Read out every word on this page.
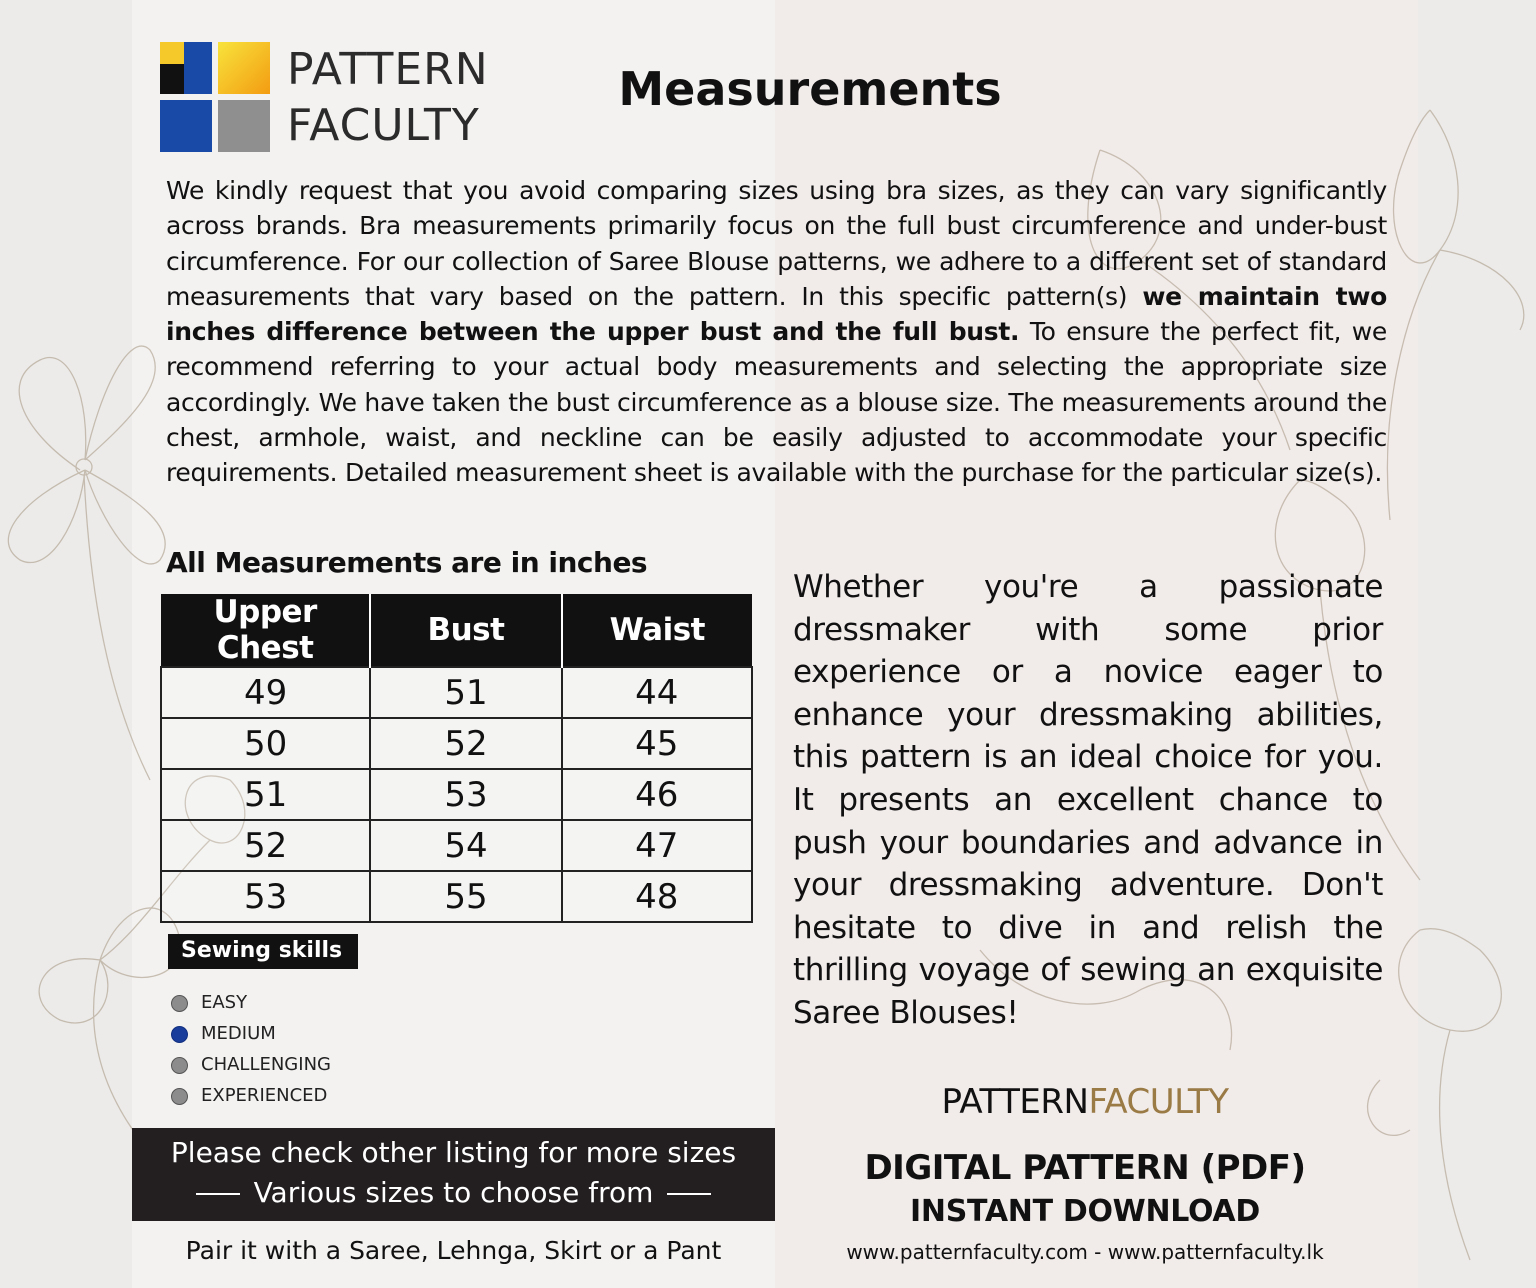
PATTERN
FACULTY
Measurements
We kindly request that you avoid comparing sizes using bra sizes, as they can vary significantly across brands. Bra measurements primarily focus on the full bust circumference and under-bust circumference. For our collection of Saree Blouse patterns, we adhere to a different set of standard measurements that vary based on the pattern. In this specific pattern(s) we maintain two inches difference between the upper bust and the full bust. To ensure the perfect fit, we recommend referring to your actual body measurements and selecting the appropriate size accordingly. We have taken the bust circumference as a blouse size. The measurements around the chest, armhole, waist, and neckline can be easily adjusted to accommodate your specific requirements. Detailed measurement sheet is available with the purchase for the particular size(s).
All Measurements are in inches
Upper Chest	Bust	Waist
49	51	44
50	52	45
51	53	46
52	54	47
53	55	48
Sewing skills
EASY
MEDIUM
CHALLENGING
EXPERIENCED
Please check other listing for more sizes
Various sizes to choose from
Pair it with a Saree, Lehnga, Skirt or a Pant
Whether you're a passionate dressmaker with some prior experience or a novice eager to enhance your dressmaking abilities, this pattern is an ideal choice for you. It presents an excellent chance to push your boundaries and advance in your dressmaking adventure. Don't hesitate to dive in and relish the thrilling voyage of sewing an exquisite Saree Blouses!
PATTERNFACULTY
DIGITAL PATTERN (PDF)
INSTANT DOWNLOAD
www.patternfaculty.com - www.patternfaculty.lk
